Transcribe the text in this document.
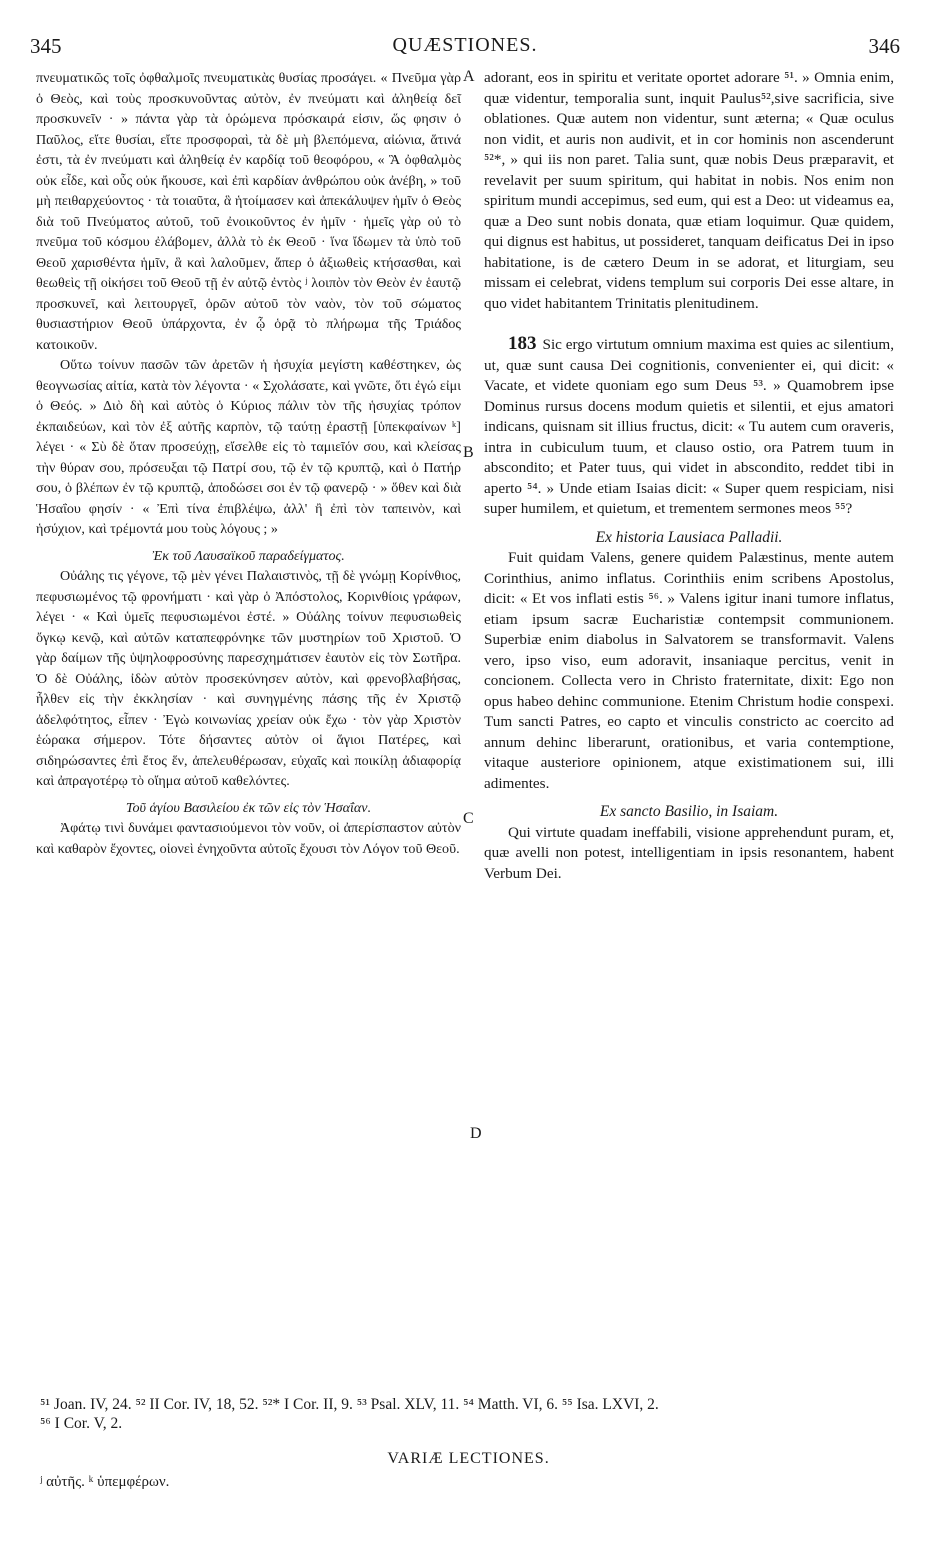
345	QUÆSTIONES.	346

πνευματικῶς τοῖς ὀφθαλμοῖς πνευματικὰς θυσίας προσάγει. « Πνεῦμα γὰρ ὁ Θεὸς, καὶ τοὺς προσκυνοῦντας αὐτὸν, ἐν πνεύματι καὶ ἀληθείᾳ δεῖ προσκυνεῖν · » πάντα γὰρ τὰ ὁρώμενα πρόσκαιρά εἰσιν, ὥς φησιν ὁ Παῦλος, εἴτε θυσίαι, εἴτε προσφοραὶ, τὰ δὲ μὴ βλεπόμενα, αἰώνια, ἅτινά ἐστι, τὰ ἐν πνεύματι καὶ ἀληθείᾳ ἐν καρδίᾳ τοῦ θεοφόρου, « Ἃ ὀφθαλμὸς οὐκ εἶδε, καὶ οὖς οὐκ ἤκουσε, καὶ ἐπὶ καρδίαν ἀνθρώπου οὐκ ἀνέβη, » τοῦ μὴ πειθαρχεύοντος · τὰ τοιαῦτα, ἃ ἡτοίμασεν καὶ ἀπεκάλυψεν ἡμῖν ὁ Θεὸς διὰ τοῦ Πνεύματος αὐτοῦ, τοῦ ἐνοικοῦντος ἐν ἡμῖν · ἡμεῖς γὰρ οὐ τὸ πνεῦμα τοῦ κόσμου ἐλάβομεν, ἀλλὰ τὸ ἐκ Θεοῦ · ἵνα ἴδωμεν τὰ ὑπὸ τοῦ Θεοῦ χαρισθέντα ἡμῖν, ἃ καὶ λαλοῦμεν, ἅπερ ὁ ἀξιωθεὶς κτήσασθαι, καὶ θεωθεὶς τῇ οἰκήσει τοῦ Θεοῦ τῇ ἐν αὐτῷ ἐντὸς ʲ λοιπὸν τὸν Θεὸν ἐν ἑαυτῷ προσκυνεῖ, καὶ λειτουργεῖ, ὁρῶν αὐτοῦ τὸν ναὸν, τὸν τοῦ σώματος θυσιαστήριον Θεοῦ ὑπάρχοντα, ἐν ᾧ ὁρᾷ τὸ πλήρωμα τῆς Τριάδος κατοικοῦν.

Οὕτω τοίνυν πασῶν τῶν ἀρετῶν ἡ ἡσυχία μεγίστη καθέστηκεν, ὡς θεογνωσίας αἰτία, κατὰ τὸν λέγοντα · « Σχολάσατε, καὶ γνῶτε, ὅτι ἐγώ εἰμι ὁ Θεός. » Διὸ δὴ καὶ αὐτὸς ὁ Κύριος πάλιν τὸν τῆς ἡσυχίας τρόπον ἐκπαιδεύων, καὶ τὸν ἐξ αὐτῆς καρπὸν, τῷ ταύτῃ ἐραστῇ [ὑπεκφαίνων ᵏ] λέγει · « Σὺ δὲ ὅταν προσεύχῃ, εἴσελθε εἰς τὸ ταμιεῖόν σου, καὶ κλείσας τὴν θύραν σου, πρόσευξαι τῷ Πατρί σου, τῷ ἐν τῷ κρυπτῷ, καὶ ὁ Πατήρ σου, ὁ βλέπων ἐν τῷ κρυπτῷ, ἀποδώσει σοι ἐν τῷ φανερῷ · » ὅθεν καὶ διὰ Ἡσαΐου φησίν · « Ἐπὶ τίνα ἐπιβλέψω, ἀλλ' ἢ ἐπὶ τὸν ταπεινὸν, καὶ ἡσύχιον, καὶ τρέμοντά μου τοὺς λόγους ; »

Ἐκ τοῦ Λαυσαϊκοῦ παραδείγματος.

Οὐάλης τις γέγονε, τῷ μὲν γένει Παλαιστινὸς, τῇ δὲ γνώμῃ Κορίνθιος, πεφυσιωμένος τῷ φρονήματι · καὶ γὰρ ὁ Ἀπόστολος, Κορινθίοις γράφων, λέγει · « Καὶ ὑμεῖς πεφυσιωμένοι ἐστέ. » Οὐάλης τοίνυν πεφυσιωθεὶς ὄγκῳ κενῷ, καὶ αὐτῶν καταπεφρόνηκε τῶν μυστηρίων τοῦ Χριστοῦ. Ὁ γὰρ δαίμων τῆς ὑψηλοφροσύνης παρεσχημάτισεν ἑαυτὸν εἰς τὸν Σωτῆρα. Ὁ δὲ Οὐάλης, ἰδὼν αὐτὸν προσεκύνησεν αὐτὸν, καὶ φρενοβλαβήσας, ἦλθεν εἰς τὴν ἐκκλησίαν · καὶ συνηγμένης πάσης τῆς ἐν Χριστῷ ἀδελφότητος, εἶπεν · Ἐγὼ κοινωνίας χρείαν οὐκ ἔχω · τὸν γὰρ Χριστὸν ἑώρακα σήμερον. Τότε δήσαντες αὐτὸν οἱ ἅγιοι Πατέρες, καὶ σιδηρώσαντες ἐπὶ ἔτος ἕν, ἀπελευθέρωσαν, εὐχαῖς καὶ ποικίλῃ ἀδιαφορίᾳ καὶ ἀπραγοτέρῳ τὸ οἴημα αὐτοῦ καθελόντες.

Τοῦ ἁγίου Βασιλείου ἐκ τῶν εἰς τὸν Ἡσαΐαν.

Ἀφάτῳ τινὶ δυνάμει φαντασιούμενοι τὸν νοῦν, οἱ ἀπερίσπαστον αὐτὸν καὶ καθαρὸν ἔχοντες, οἱονεὶ ἐνηχοῦντα αὐτοῖς ἔχουσι τὸν Λόγον τοῦ Θεοῦ.

A
B
C
D

adorant, eos in spiritu et veritate oportet adorare ⁵¹. » Omnia enim, quæ videntur, temporalia sunt, inquit Paulus⁵²,sive sacrificia, sive oblationes. Quæ autem non videntur, sunt æterna; « Quæ oculus non vidit, et auris non audivit, et in cor hominis non ascenderunt ⁵²*, » qui iis non paret. Talia sunt, quæ nobis Deus præparavit, et revelavit per suum spiritum, qui habitat in nobis. Nos enim non spiritum mundi accepimus, sed eum, qui est a Deo: ut videamus ea, quæ a Deo sunt nobis donata, quæ etiam loquimur. Quæ quidem, qui dignus est habitus, ut possideret, tanquam deificatus Dei in ipso habitatione, is de cætero Deum in se adorat, et liturgiam, seu missam ei celebrat, videns templum sui corporis Dei esse altare, in quo videt habitantem Trinitatis plenitudinem.

183 Sic ergo virtutum omnium maxima est quies ac silentium, ut, quæ sunt causa Dei cognitionis, convenienter ei, qui dicit: « Vacate, et videte quoniam ego sum Deus ⁵³. » Quamobrem ipse Dominus rursus docens modum quietis et silentii, et ejus amatori indicans, quisnam sit illius fructus, dicit: « Tu autem cum oraveris, intra in cubiculum tuum, et clauso ostio, ora Patrem tuum in abscondito; et Pater tuus, qui videt in abscondito, reddet tibi in aperto ⁵⁴. » Unde etiam Isaias dicit: « Super quem respiciam, nisi super humilem, et quietum, et trementem sermones meos ⁵⁵?

Ex historia Lausiaca Palladii.

Fuit quidam Valens, genere quidem Palæstinus, mente autem Corinthius, animo inflatus. Corinthiis enim scribens Apostolus, dicit: « Et vos inflati estis ⁵⁶. » Valens igitur inani tumore inflatus, etiam ipsum sacræ Eucharistiæ contempsit communionem. Superbiæ enim diabolus in Salvatorem se transformavit. Valens vero, ipso viso, eum adoravit, insaniaque percitus, venit in concionem. Collecta vero in Christo fraternitate, dixit: Ego non opus habeo dehinc communione. Etenim Christum hodie conspexi. Tum sancti Patres, eo capto et vinculis constricto ac coercito ad annum dehinc liberarunt, orationibus, et varia contemptione, vitaque austeriore opinionem, atque existimationem sui, illi adimentes.

Ex sancto Basilio, in Isaiam.

Qui virtute quadam ineffabili, visione apprehendunt puram, et, quæ avelli non potest, intelligentiam in ipsis resonantem, habent Verbum Dei.

⁵¹ Joan. IV, 24. ⁵² II Cor. IV, 18, 52. ⁵²* I Cor. II, 9. ⁵³ Psal. XLV, 11. ⁵⁴ Matth. VI, 6. ⁵⁵ Isa. LXVI, 2.
⁵⁶ I Cor. V, 2.
VARIÆ LECTIONES.
ʲ αὐτῆς. ᵏ ὑπεμφέρων.
